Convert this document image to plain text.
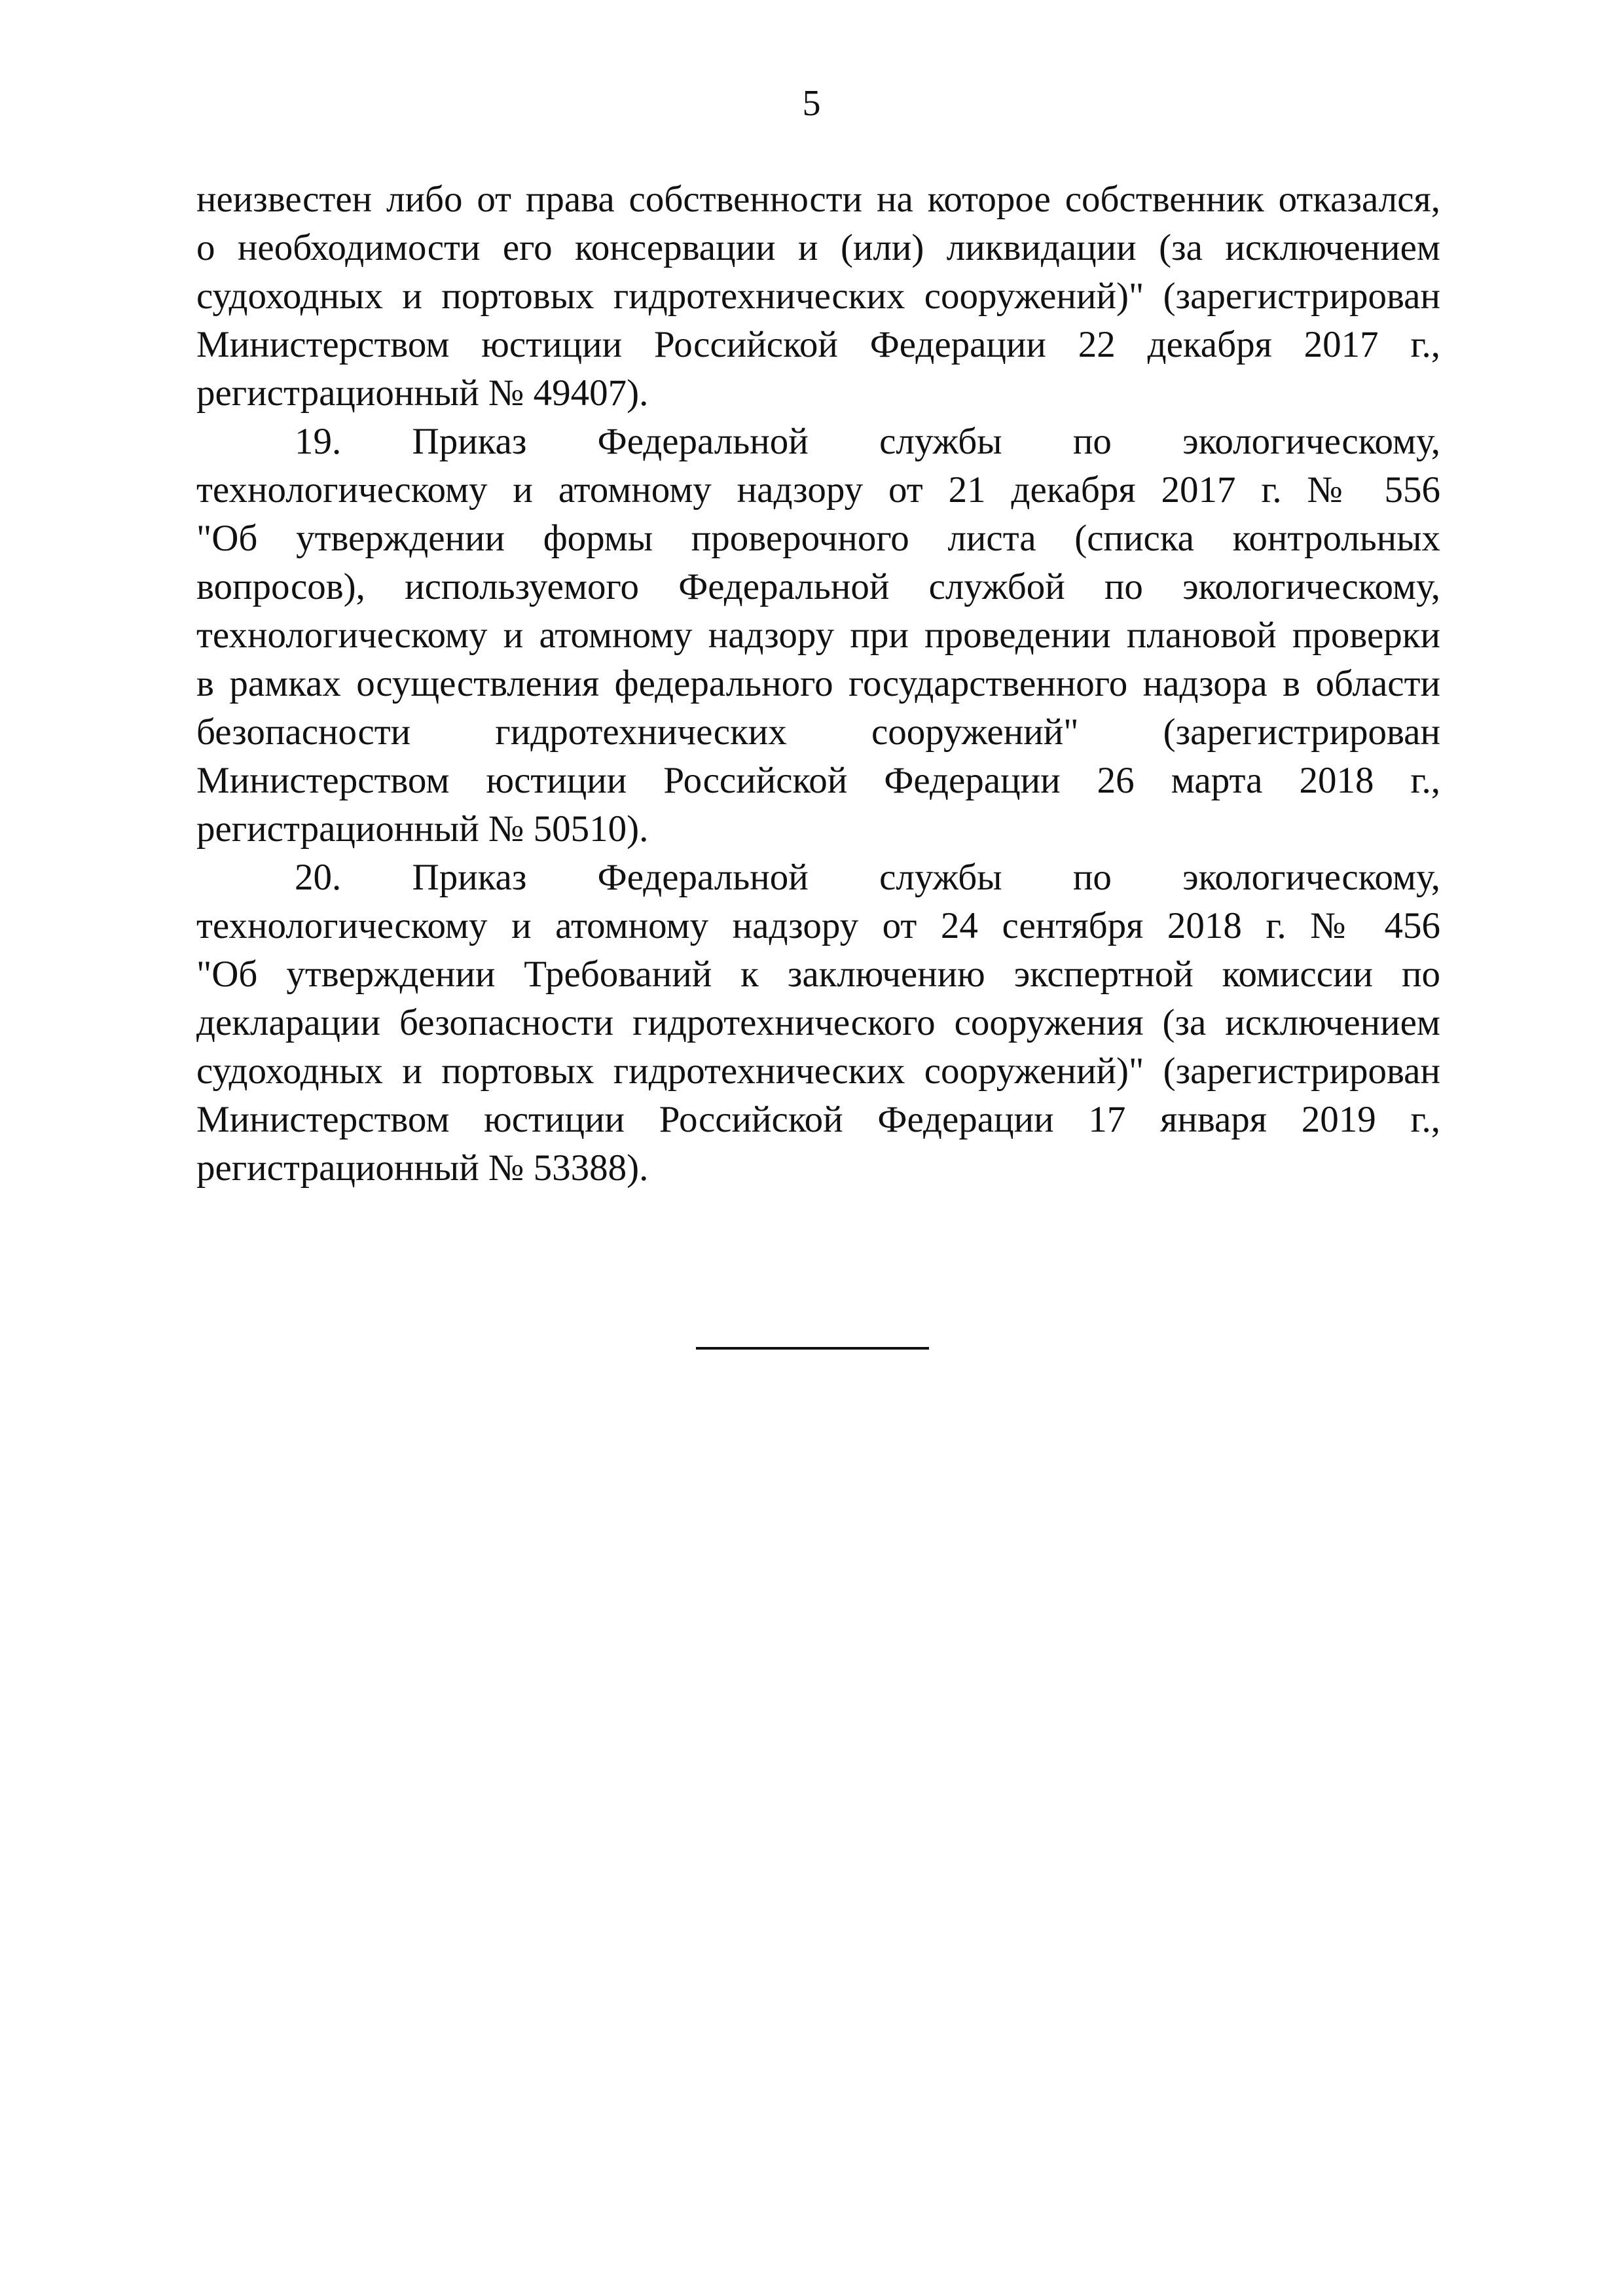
5
неизвестен либо от права собственности на которое собственник отказался,
о необходимости его консервации и (или) ликвидации (за исключением
судоходных и портовых гидротехнических сооружений)" (зарегистрирован
Министерством юстиции Российской Федерации 22 декабря 2017 г.,
регистрационный № 49407).
19. Приказ Федеральной службы по экологическому,
технологическому и атомному надзору от 21 декабря 2017 г. № 556
"Об утверждении формы проверочного листа (списка контрольных
вопросов), используемого Федеральной службой по экологическому,
технологическому и атомному надзору при проведении плановой проверки
в рамках осуществления федерального государственного надзора в области
безопасности гидротехнических сооружений" (зарегистрирован
Министерством юстиции Российской Федерации 26 марта 2018 г.,
регистрационный № 50510).
20. Приказ Федеральной службы по экологическому,
технологическому и атомному надзору от 24 сентября 2018 г. № 456
"Об утверждении Требований к заключению экспертной комиссии по
декларации безопасности гидротехнического сооружения (за исключением
судоходных и портовых гидротехнических сооружений)" (зарегистрирован
Министерством юстиции Российской Федерации 17 января 2019 г.,
регистрационный № 53388).
